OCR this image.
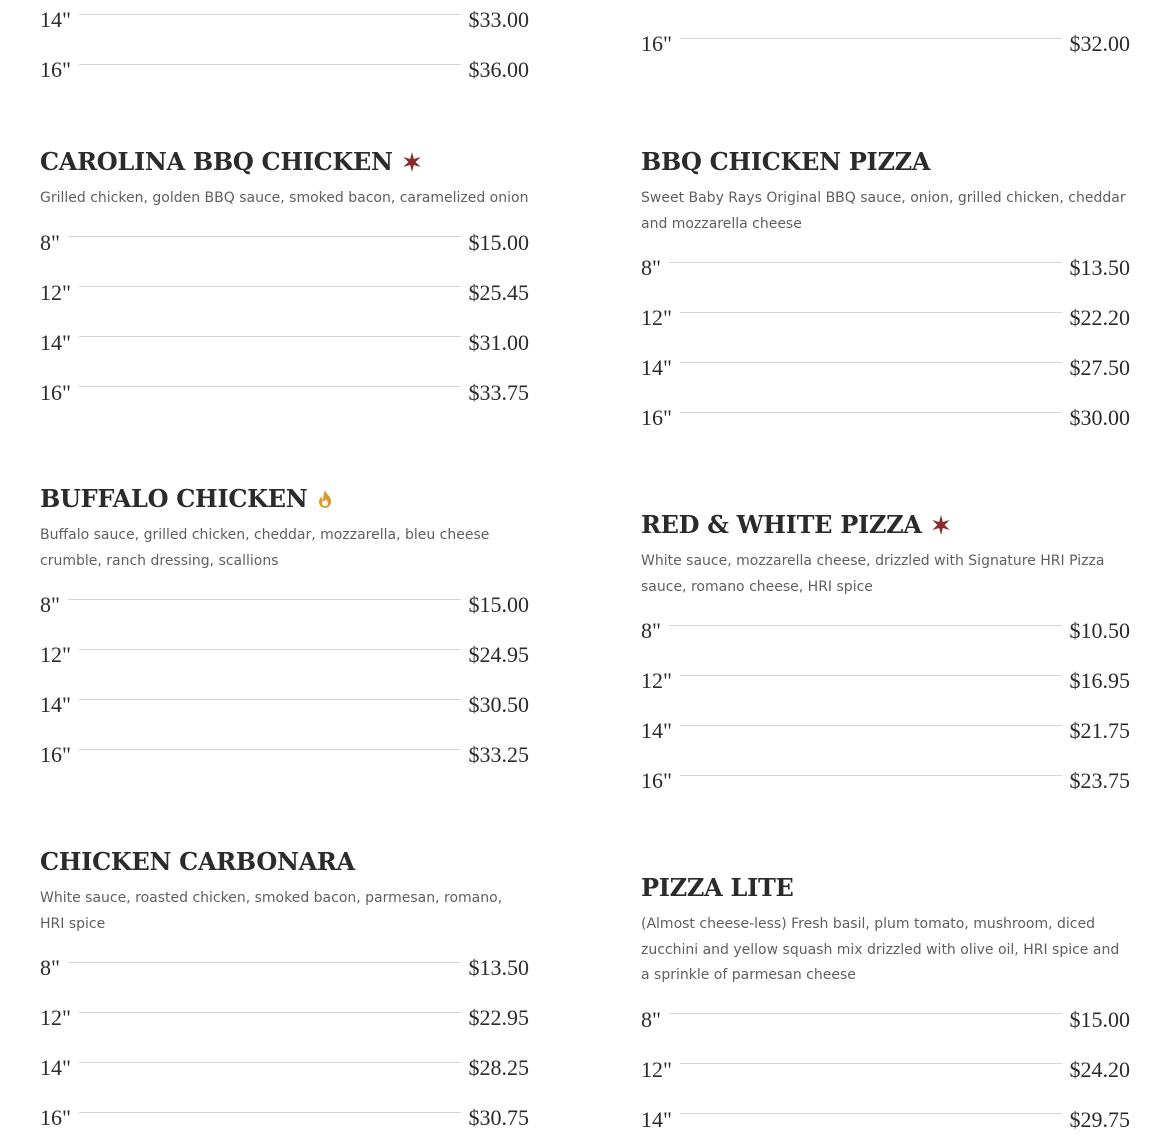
14"	$33.00
16"	$36.00
CAROLINA BBQ CHICKEN
Grilled chicken, golden BBQ sauce, smoked bacon, caramelized onion
8"	$15.00
12"	$25.45
14"	$31.00
16"	$33.75
BUFFALO CHICKEN
Buffalo sauce, grilled chicken, cheddar, mozzarella, bleu cheese crumble, ranch dressing, scallions
8"	$15.00
12"	$24.95
14"	$30.50
16"	$33.25
CHICKEN CARBONARA
White sauce, roasted chicken, smoked bacon, parmesan, romano, HRI spice
8"	$13.50
12"	$22.95
14"	$28.25
16"	$30.75
16"	$32.00
BBQ CHICKEN PIZZA
Sweet Baby Rays Original BBQ sauce, onion, grilled chicken, cheddar and mozzarella cheese
8"	$13.50
12"	$22.20
14"	$27.50
16"	$30.00
RED & WHITE PIZZA
White sauce, mozzarella cheese, drizzled with Signature HRI Pizza sauce, romano cheese, HRI spice
8"	$10.50
12"	$16.95
14"	$21.75
16"	$23.75
PIZZA LITE
(Almost cheese-less) Fresh basil, plum tomato, mushroom, diced zucchini and yellow squash mix drizzled with olive oil, HRI spice and a sprinkle of parmesan cheese
8"	$15.00
12"	$24.20
14"	$29.75
